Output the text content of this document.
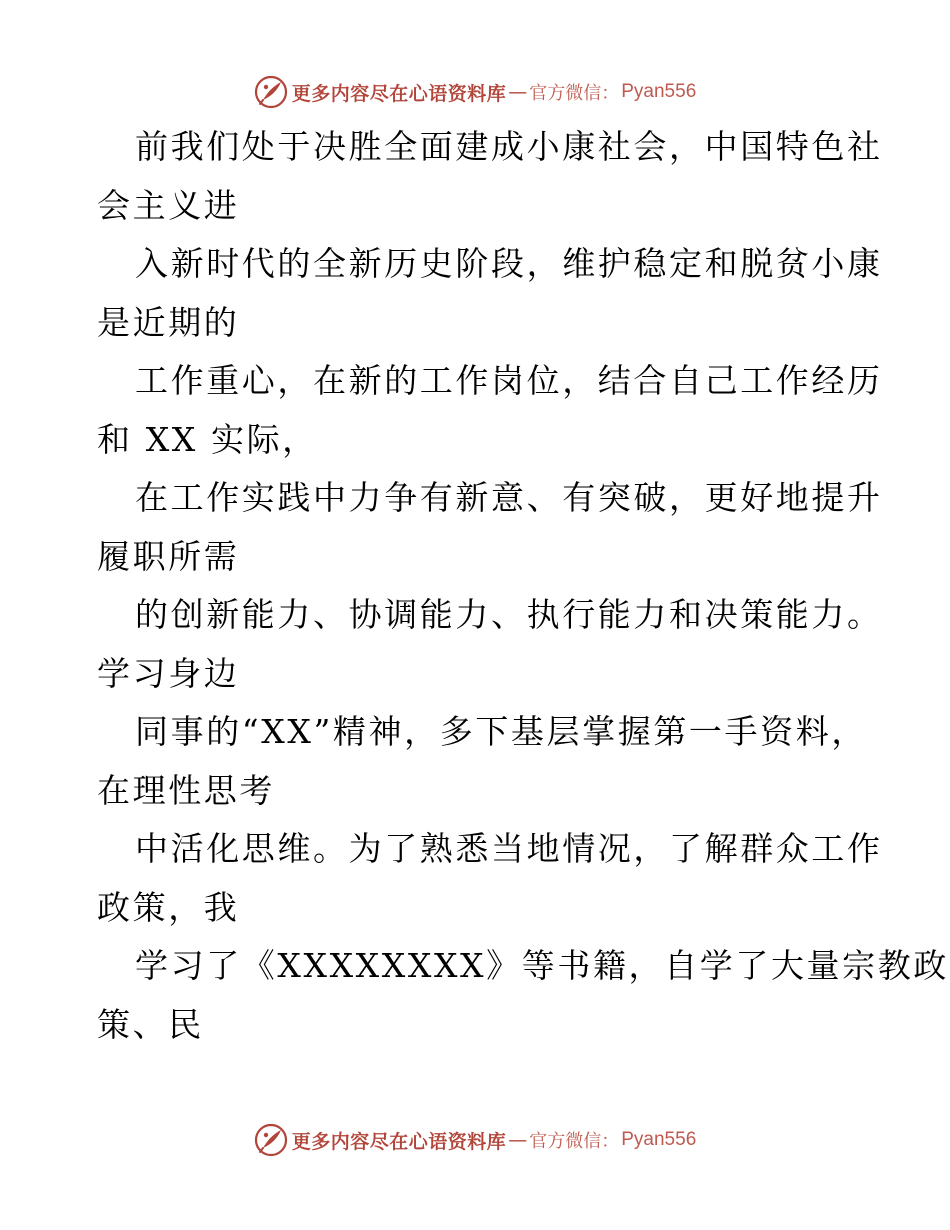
更多内容尽在心语资料库 — 官方微信： Pyan556
前我们处于决胜全面建成小康社会，中国特色社
会主义进
入新时代的全新历史阶段，维护稳定和脱贫小康
是近期的
工作重心，在新的工作岗位，结合自己工作经历
和 XX 实际，
在工作实践中力争有新意、有突破，更好地提升
履职所需
的创新能力、协调能力、执行能力和决策能力。
学习身边
同事的“XX”精神，多下基层掌握第一手资料，
在理性思考
中活化思维。为了熟悉当地情况，了解群众工作
政策，我
学习了《XXXXXXXX》等书籍，自学了大量宗教政
策、民
更多内容尽在心语资料库 — 官方微信： Pyan556
